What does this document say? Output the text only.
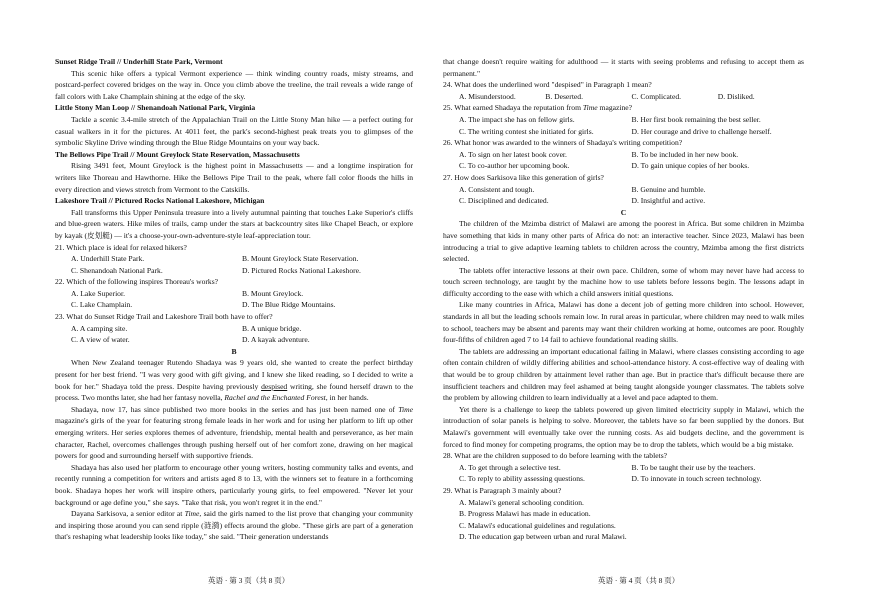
Sunset Ridge Trail // Underhill State Park, Vermont

This scenic hike offers a typical Vermont experience — think winding country roads, misty streams, and postcard-perfect covered bridges on the way in. Once you climb above the treeline, the trail reveals a wide range of fall colors with Lake Champlain shining at the edge of the sky.

Little Stony Man Loop // Shenandoah National Park, Virginia

Tackle a scenic 3.4-mile stretch of the Appalachian Trail on the Little Stony Man hike — a perfect outing for casual walkers in it for the pictures. At 4011 feet, the park's second-highest peak treats you to glimpses of the symbolic Skyline Drive winding through the Blue Ridge Mountains on your way back.

The Bellows Pipe Trail // Mount Greylock State Reservation, Massachusetts

Rising 3491 feet, Mount Greylock is the highest point in Massachusetts — and a longtime inspiration for writers like Thoreau and Hawthorne. Hike the Bellows Pipe Trail to the peak, where fall color floods the hills in every direction and views stretch from Vermont to the Catskills.

Lakeshore Trail // Pictured Rocks National Lakeshore, Michigan

Fall transforms this Upper Peninsula treasure into a lively autumnal painting that touches Lake Superior's cliffs and blue-green waters. Hike miles of trails, camp under the stars at backcountry sites like Chapel Beach, or explore by kayak (皮划艇) — it's a choose-your-own-adventure-style leaf-appreciation tour.

21. Which place is ideal for relaxed hikers?

A. Underhill State Park.	B. Mount Greylock State Reservation.
C. Shenandoah National Park.	D. Pictured Rocks National Lakeshore.

22. Which of the following inspires Thoreau's works?

A. Lake Superior.	B. Mount Greylock.
C. Lake Champlain.	D. The Blue Ridge Mountains.

23. What do Sunset Ridge Trail and Lakeshore Trail both have to offer?

A. A camping site.	B. A unique bridge.
C. A view of water.	D. A kayak adventure.

B

When New Zealand teenager Rutendo Shadaya was 9 years old, she wanted to create the perfect birthday present for her best friend. "I was very good with gift giving, and I knew she liked reading, so I decided to write a book for her." Shadaya told the press. Despite having previously despised writing, she found herself drawn to the process. Two months later, she had her fantasy novella, Rachel and the Enchanted Forest, in her hands.

Shadaya, now 17, has since published two more books in the series and has just been named one of Time magazine's girls of the year for featuring strong female leads in her work and for using her platform to lift up other emerging writers. Her series explores themes of adventure, friendship, mental health and perseverance, as her main character, Rachel, overcomes challenges through pushing herself out of her comfort zone, drawing on her magical powers for good and surrounding herself with supportive friends.

Shadaya has also used her platform to encourage other young writers, hosting community talks and events, and recently running a competition for writers and artists aged 8 to 13, with the winners set to feature in a forthcoming book. Shadaya hopes her work will inspire others, particularly young girls, to feel empowered. "Never let your background or age define you," she says. "Take that risk, you won't regret it in the end."

Dayana Sarkisova, a senior editor at Time, said the girls named to the list prove that changing your community and inspiring those around you can send ripple (涟漪) effects around the globe. "These girls are part of a generation that's reshaping what leadership looks like today," she said. "Their generation understands

that change doesn't require waiting for adulthood — it starts with seeing problems and refusing to accept them as permanent."

24. What does the underlined word "despised" in Paragraph 1 mean?

A. Misunderstood.	B. Deserted.	C. Complicated.	D. Disliked.

25. What earned Shadaya the reputation from Time magazine?

A. The impact she has on fellow girls.	B. Her first book remaining the best seller.
C. The writing contest she initiated for girls.	D. Her courage and drive to challenge herself.

26. What honor was awarded to the winners of Shadaya's writing competition?

A. To sign on her latest book cover.	B. To be included in her new book.
C. To co-author her upcoming book.	D. To gain unique copies of her books.

27. How does Sarkisova like this generation of girls?

A. Consistent and tough.	B. Genuine and humble.
C. Disciplined and dedicated.	D. Insightful and active.

C

The children of the Mzimba district of Malawi are among the poorest in Africa. But some children in Mzimba have something that kids in many other parts of Africa do not: an interactive teacher. Since 2023, Malawi has been introducing a trial to give adaptive learning tablets to children across the country, Mzimba among the first districts selected.

The tablets offer interactive lessons at their own pace. Children, some of whom may never have had access to touch screen technology, are taught by the machine how to use tablets before lessons begin. The lessons adapt in difficulty according to the ease with which a child answers initial questions.

Like many countries in Africa, Malawi has done a decent job of getting more children into school. However, standards in all but the leading schools remain low. In rural areas in particular, where children may need to walk miles to school, teachers may be absent and parents may want their children working at home, outcomes are poor. Roughly four-fifths of children aged 7 to 14 fail to achieve foundational reading skills.

The tablets are addressing an important educational failing in Malawi, where classes consisting according to age often contain children of wildly differing abilities and school-attendance history. A cost-effective way of dealing with that would be to group children by attainment level rather than age. But in practice that's difficult because there are insufficient teachers and children may feel ashamed at being taught alongside younger classmates. The tablets solve the problem by allowing children to learn individually at a level and pace adapted to them.

Yet there is a challenge to keep the tablets powered up given limited electricity supply in Malawi, which the introduction of solar panels is helping to solve. Moreover, the tablets have so far been supplied by the donors. But Malawi's government will eventually take over the running costs. As aid budgets decline, and the government is forced to find money for competing programs, the option may be to drop the tablets, which would be a big mistake.

28. What are the children supposed to do before learning with the tablets?

A. To get through a selective test.	B. To be taught their use by the teachers.
C. To reply to ability assessing questions.	D. To innovate in touch screen technology.

29. What is Paragraph 3 mainly about?

A. Malawi's general schooling condition.
B. Progress Malawi has made in education.
C. Malawi's educational guidelines and regulations.
D. The education gap between urban and rural Malawi.
英语 · 第 3 页（共 8 页）	英语 · 第 4 页（共 8 页）
